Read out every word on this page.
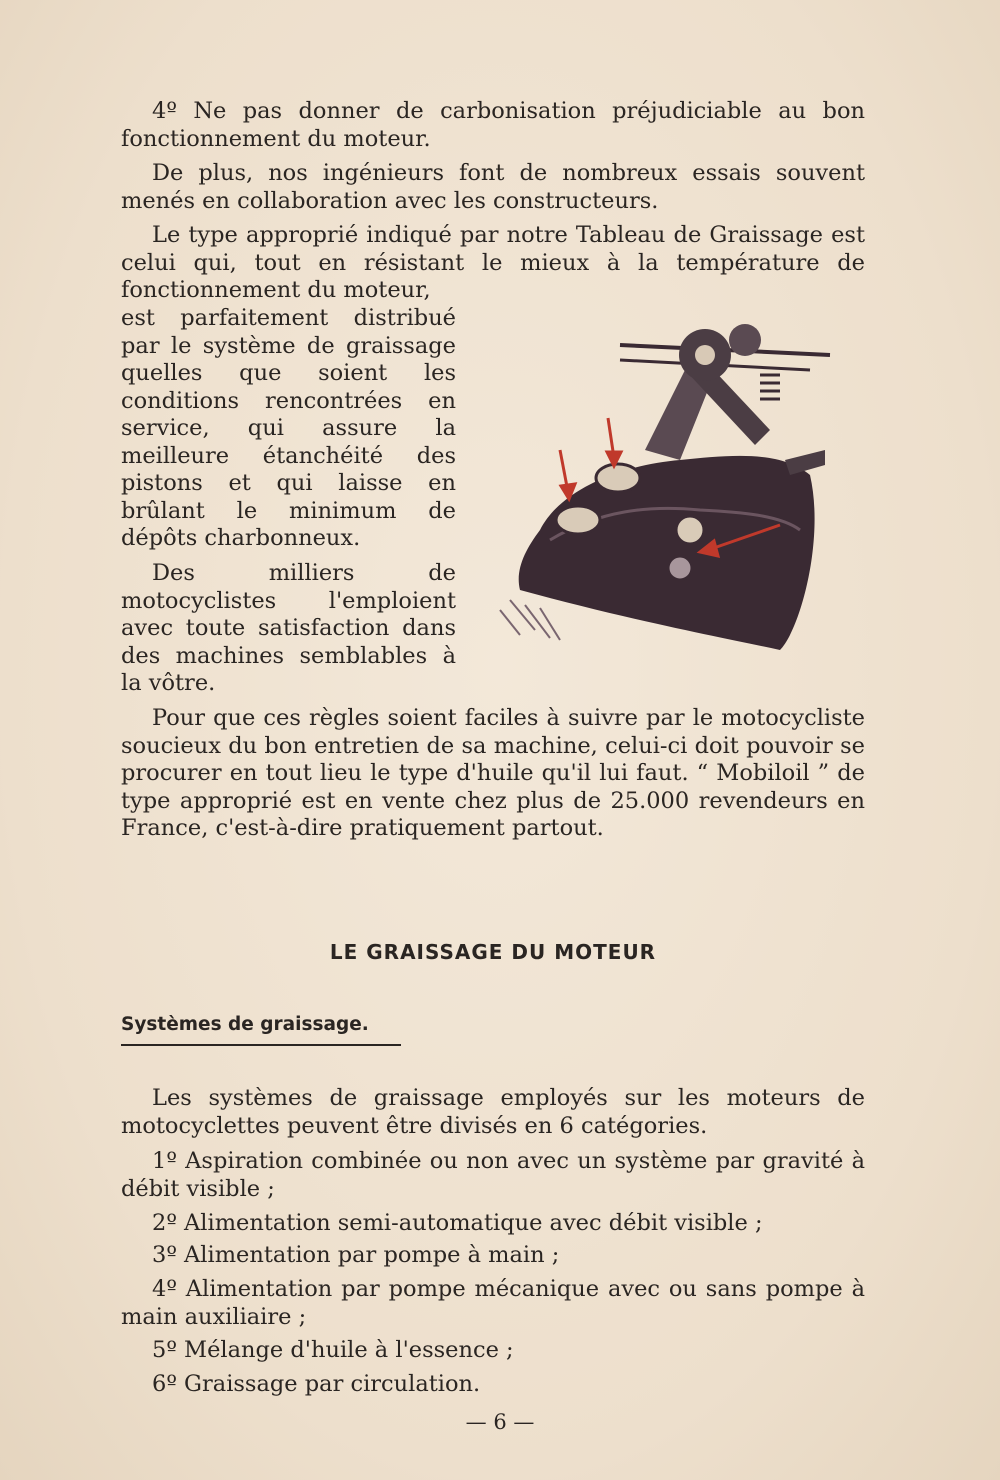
4º Ne pas donner de carbonisation préjudiciable au bon fonctionnement du moteur.

De plus, nos ingénieurs font de nombreux essais souvent menés en collaboration avec les constructeurs.

Le type approprié indiqué par notre Tableau de Graissage est celui qui, tout en résistant le mieux à la température de fonctionnement du moteur,

est parfaitement distribué par le système de graissage quelles que soient les conditions rencontrées en service, qui assure la meilleure étanchéité des pistons et qui laisse en brûlant le minimum de dépôts charbonneux.

Des milliers de motocyclistes l'emploient avec toute satisfaction dans des machines semblables à la vôtre.

Pour que ces règles soient faciles à suivre par le motocycliste soucieux du bon entretien de sa machine, celui-ci doit pouvoir se procurer en tout lieu le type d'huile qu'il lui faut. “ Mobiloil ” de type approprié est en vente chez plus de 25.000 revendeurs en France, c'est-à-dire pratiquement partout.

LE GRAISSAGE DU MOTEUR
Systèmes de graissage.

Les systèmes de graissage employés sur les moteurs de motocyclettes peuvent être divisés en 6 catégories.

1º Aspiration combinée ou non avec un système par gravité à débit visible ;

2º Alimentation semi-automatique avec débit visible ;

3º Alimentation par pompe à main ;

4º Alimentation par pompe mécanique avec ou sans pompe à main auxiliaire ;

5º Mélange d'huile à l'essence ;

6º Graissage par circulation.

— 6 —
